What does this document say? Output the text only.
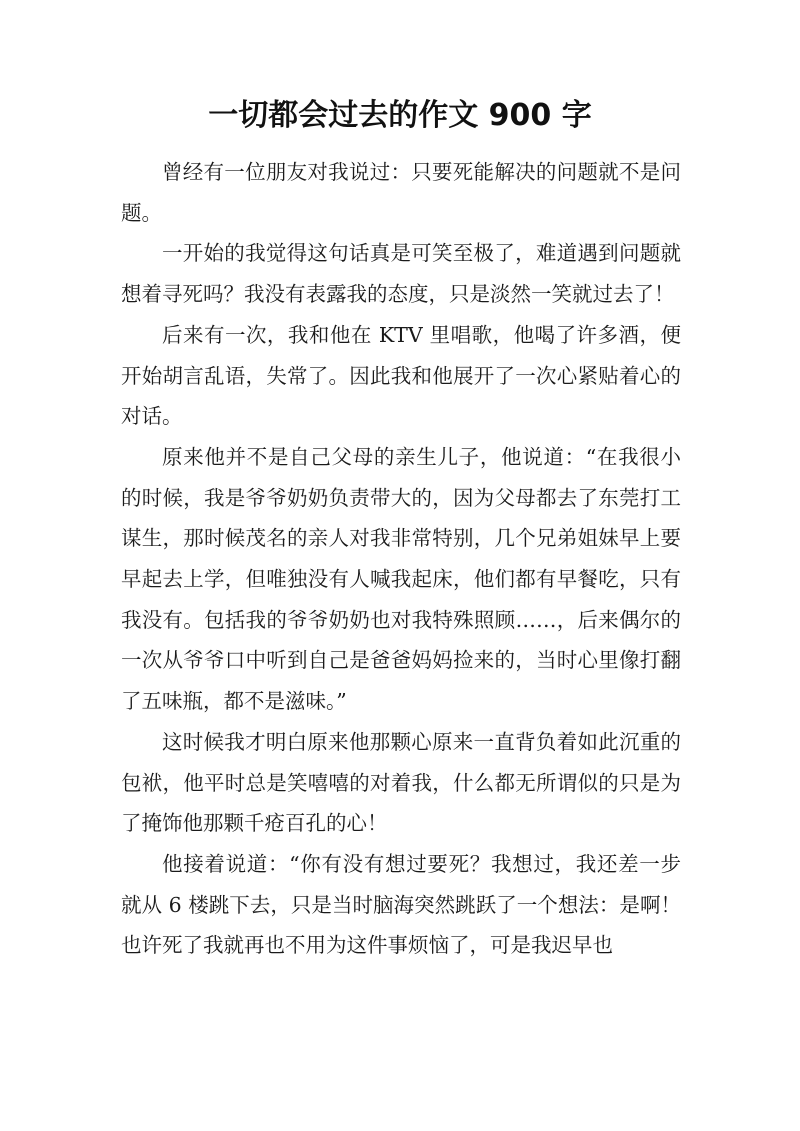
一切都会过去的作文 900 字

曾经有一位朋友对我说过：只要死能解决的问题就不是问题。

一开始的我觉得这句话真是可笑至极了，难道遇到问题就想着寻死吗？我没有表露我的态度，只是淡然一笑就过去了！

后来有一次，我和他在 KTV 里唱歌，他喝了许多酒，便开始胡言乱语，失常了。因此我和他展开了一次心紧贴着心的对话。

原来他并不是自己父母的亲生儿子，他说道：“在我很小的时候，我是爷爷奶奶负责带大的，因为父母都去了东莞打工谋生，那时候茂名的亲人对我非常特别，几个兄弟姐妹早上要早起去上学，但唯独没有人喊我起床，他们都有早餐吃，只有我没有。包括我的爷爷奶奶也对我特殊照顾……，后来偶尔的一次从爷爷口中听到自己是爸爸妈妈捡来的，当时心里像打翻了五味瓶，都不是滋味。”

这时候我才明白原来他那颗心原来一直背负着如此沉重的包袱，他平时总是笑嘻嘻的对着我，什么都无所谓似的只是为了掩饰他那颗千疮百孔的心！

他接着说道：“你有没有想过要死？我想过，我还差一步就从 6 楼跳下去，只是当时脑海突然跳跃了一个想法：是啊！也许死了我就再也不用为这件事烦恼了，可是我迟早也
